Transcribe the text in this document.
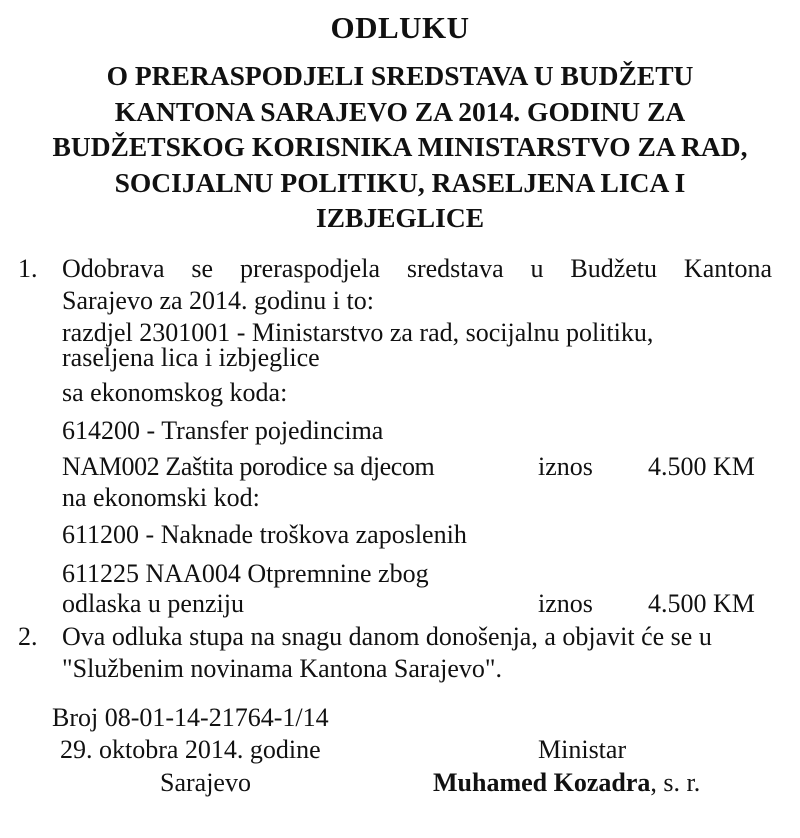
ODLUKU
O PRERASPODJELI SREDSTAVA U BUDŽETU
KANTONA SARAJEVO ZA 2014. GODINU ZA
BUDŽETSKOG KORISNIKA MINISTARSTVO ZA RAD,
SOCIJALNU POLITIKU, RASELJENA LICA I
IZBJEGLICE
1. Odobrava se preraspodjela sredstava u Budžetu Kantona
Sarajevo za 2014. godinu i to:
razdjel 2301001 - Ministarstvo za rad, socijalnu politiku,
raseljena lica i izbjeglice
sa ekonomskog koda:
614200 - Transfer pojedincima
NAM002 Zaštita porodice sa djecom	iznos 4.500 KM
na ekonomski kod:
611200 - Naknade troškova zaposlenih
611225 NAA004 Otpremnine zbog
odlaska u penziju	iznos 4.500 KM
2. Ova odluka stupa na snagu danom donošenja, a objavit će se u
"Službenim novinama Kantona Sarajevo".
Broj 08-01-14-21764-1/14
29. oktobra 2014. godine	Ministar
Sarajevo	Muhamed Kozadra, s. r.
